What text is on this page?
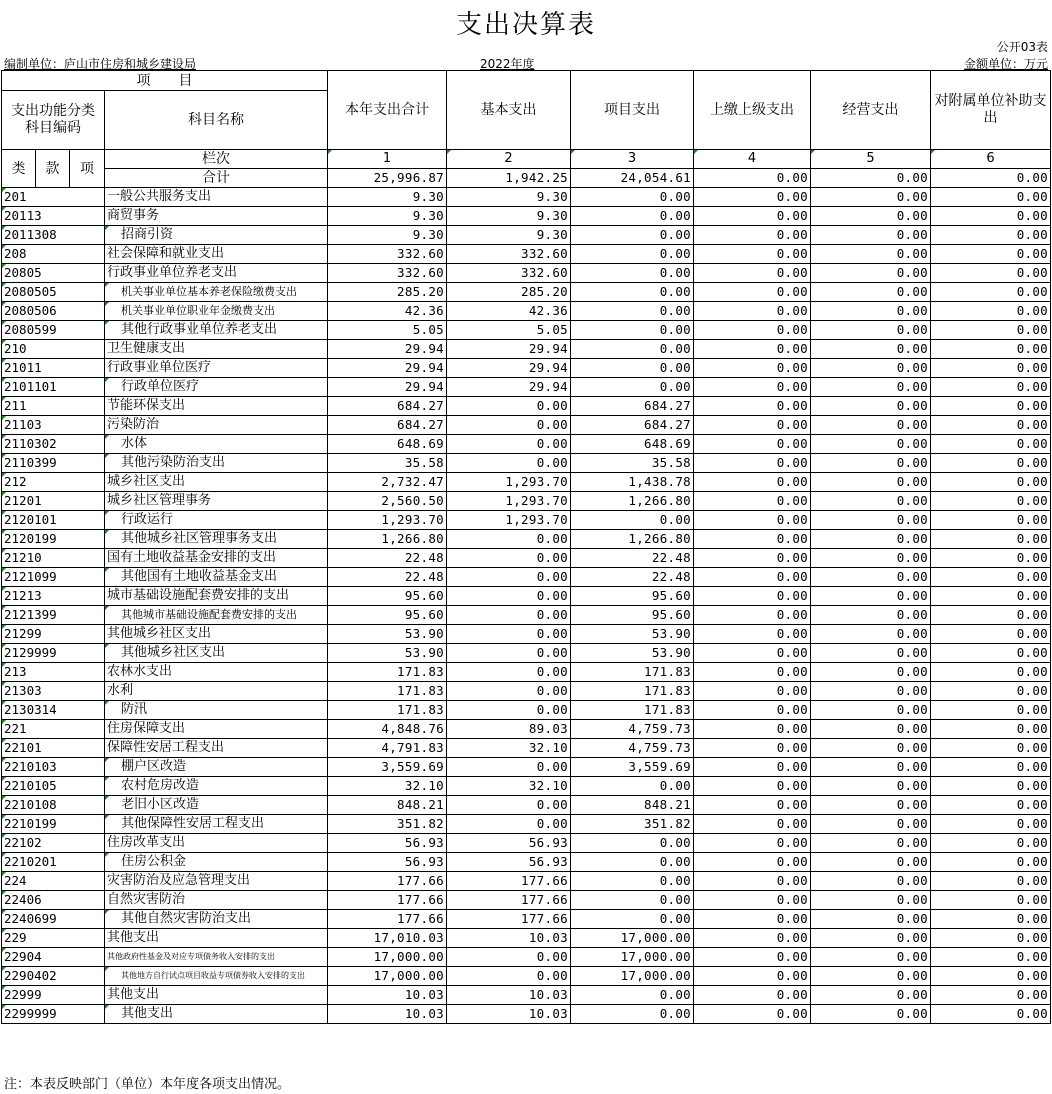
支出决算表
公开03表
编制单位：庐山市住房和城乡建设局	2022年度	金额单位：万元
项　　目				本年支出合计	基本支出	项目支出	上缴上级支出	经营支出	对附属单位补助支出
支出功能分类科目编码			科目名称						
类	款	项	栏次	1	2	3	4	5	6
			合计	25,996.87	1,942.25	24,054.61	0.00	0.00	0.00
201			一般公共服务支出	9.30	9.30	0.00	0.00	0.00	0.00
20113			商贸事务	9.30	9.30	0.00	0.00	0.00	0.00
2011308			招商引资	9.30	9.30	0.00	0.00	0.00	0.00
208			社会保障和就业支出	332.60	332.60	0.00	0.00	0.00	0.00
20805			行政事业单位养老支出	332.60	332.60	0.00	0.00	0.00	0.00
2080505			机关事业单位基本养老保险缴费支出	285.20	285.20	0.00	0.00	0.00	0.00
2080506			机关事业单位职业年金缴费支出	42.36	42.36	0.00	0.00	0.00	0.00
2080599			其他行政事业单位养老支出	5.05	5.05	0.00	0.00	0.00	0.00
210			卫生健康支出	29.94	29.94	0.00	0.00	0.00	0.00
21011			行政事业单位医疗	29.94	29.94	0.00	0.00	0.00	0.00
2101101			行政单位医疗	29.94	29.94	0.00	0.00	0.00	0.00
211			节能环保支出	684.27	0.00	684.27	0.00	0.00	0.00
21103			污染防治	684.27	0.00	684.27	0.00	0.00	0.00
2110302			水体	648.69	0.00	648.69	0.00	0.00	0.00
2110399			其他污染防治支出	35.58	0.00	35.58	0.00	0.00	0.00
212			城乡社区支出	2,732.47	1,293.70	1,438.78	0.00	0.00	0.00
21201			城乡社区管理事务	2,560.50	1,293.70	1,266.80	0.00	0.00	0.00
2120101			行政运行	1,293.70	1,293.70	0.00	0.00	0.00	0.00
2120199			其他城乡社区管理事务支出	1,266.80	0.00	1,266.80	0.00	0.00	0.00
21210			国有土地收益基金安排的支出	22.48	0.00	22.48	0.00	0.00	0.00
2121099			其他国有土地收益基金支出	22.48	0.00	22.48	0.00	0.00	0.00
21213			城市基础设施配套费安排的支出	95.60	0.00	95.60	0.00	0.00	0.00
2121399			其他城市基础设施配套费安排的支出	95.60	0.00	95.60	0.00	0.00	0.00
21299			其他城乡社区支出	53.90	0.00	53.90	0.00	0.00	0.00
2129999			其他城乡社区支出	53.90	0.00	53.90	0.00	0.00	0.00
213			农林水支出	171.83	0.00	171.83	0.00	0.00	0.00
21303			水利	171.83	0.00	171.83	0.00	0.00	0.00
2130314			防汛	171.83	0.00	171.83	0.00	0.00	0.00
221			住房保障支出	4,848.76	89.03	4,759.73	0.00	0.00	0.00
22101			保障性安居工程支出	4,791.83	32.10	4,759.73	0.00	0.00	0.00
2210103			棚户区改造	3,559.69	0.00	3,559.69	0.00	0.00	0.00
2210105			农村危房改造	32.10	32.10	0.00	0.00	0.00	0.00
2210108			老旧小区改造	848.21	0.00	848.21	0.00	0.00	0.00
2210199			其他保障性安居工程支出	351.82	0.00	351.82	0.00	0.00	0.00
22102			住房改革支出	56.93	56.93	0.00	0.00	0.00	0.00
2210201			住房公积金	56.93	56.93	0.00	0.00	0.00	0.00
224			灾害防治及应急管理支出	177.66	177.66	0.00	0.00	0.00	0.00
22406			自然灾害防治	177.66	177.66	0.00	0.00	0.00	0.00
2240699			其他自然灾害防治支出	177.66	177.66	0.00	0.00	0.00	0.00
229			其他支出	17,010.03	10.03	17,000.00	0.00	0.00	0.00
22904			其他政府性基金及对应专项债务收入安排的支出	17,000.00	0.00	17,000.00	0.00	0.00	0.00
2290402			其他地方自行试点项目收益专项债券收入安排的支出	17,000.00	0.00	17,000.00	0.00	0.00	0.00
22999			其他支出	10.03	10.03	0.00	0.00	0.00	0.00
2299999			其他支出	10.03	10.03	0.00	0.00	0.00	0.00
注：本表反映部门（单位）本年度各项支出情况。
